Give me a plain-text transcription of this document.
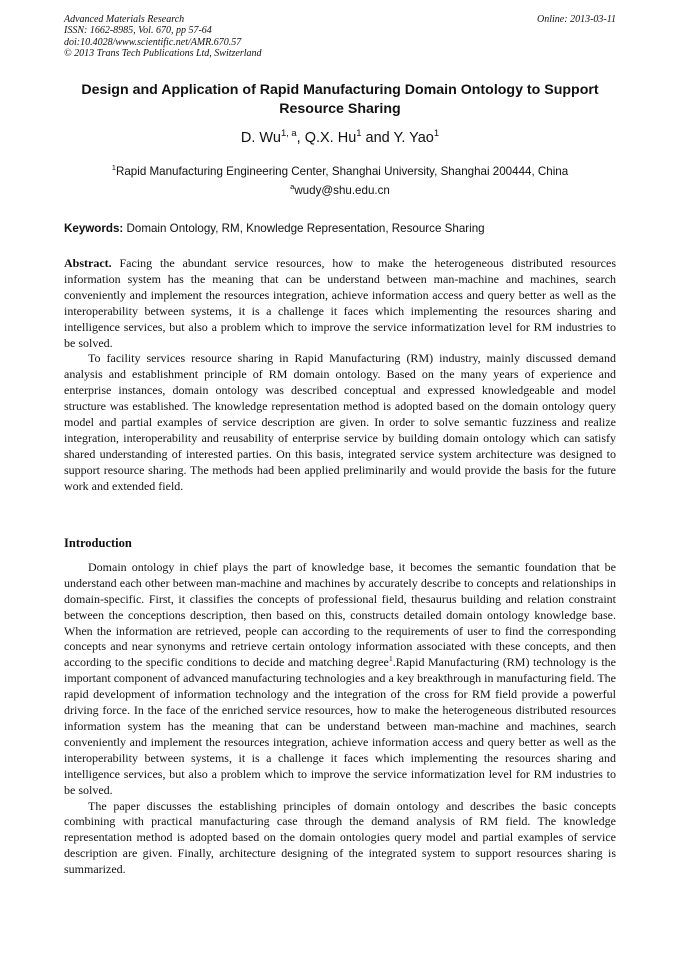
Advanced Materials Research
ISSN: 1662-8985, Vol. 670, pp 57-64
doi:10.4028/www.scientific.net/AMR.670.57
© 2013 Trans Tech Publications Ltd, Switzerland
Online: 2013-03-11
Design and Application of Rapid Manufacturing Domain Ontology to Support Resource Sharing
D. Wu$^{1, a}$, Q.X. Hu$^1$ and Y. Yao$^1$
$^1$Rapid Manufacturing Engineering Center, Shanghai University, Shanghai 200444, China
$^a$wudy@shu.edu.cn
Keywords: Domain Ontology, RM, Knowledge Representation, Resource Sharing

Abstract. Facing the abundant service resources, how to make the heterogeneous distributed resources information system has the meaning that can be understand between man-machine and machines, search conveniently and implement the resources integration, achieve information access and query better as well as the interoperability between systems, it is a challenge it faces which implementing the resources sharing and intelligence services, but also a problem which to improve the service informatization level for RM industries to be solved.

To facility services resource sharing in Rapid Manufacturing (RM) industry, mainly discussed demand analysis and establishment principle of RM domain ontology. Based on the many years of experience and enterprise instances, domain ontology was described conceptual and expressed knowledgeable and model structure was established. The knowledge representation method is adopted based on the domain ontology query model and partial examples of service description are given. In order to solve semantic fuzziness and realize integration, interoperability and reusability of enterprise service by building domain ontology which can satisfy shared understanding of interested parties. On this basis, integrated service system architecture was designed to support resource sharing. The methods had been applied preliminarily and would provide the basis for the future work and extended field.

Introduction

Domain ontology in chief plays the part of knowledge base, it becomes the semantic foundation that be understand each other between man-machine and machines by accurately describe to concepts and relationships in domain-specific. First, it classifies the concepts of professional field, thesaurus building and relation constraint between the conceptions description, then based on this, constructs detailed domain ontology knowledge base. When the information are retrieved, people can according to the requirements of user to find the corresponding concepts and near synonyms and retrieve certain ontology information associated with these concepts, and then according to the specific conditions to decide and matching degree$^1$.Rapid Manufacturing (RM) technology is the important component of advanced manufacturing technologies and a key breakthrough in manufacturing field. The rapid development of information technology and the integration of the cross for RM field provide a powerful driving force. In the face of the enriched service resources, how to make the heterogeneous distributed resources information system has the meaning that can be understand between man-machine and machines, search conveniently and implement the resources integration, achieve information access and query better as well as the interoperability between systems, it is a challenge it faces which implementing the resources sharing and intelligence services, but also a problem which to improve the service informatization level for RM industries to be solved.

The paper discusses the establishing principles of domain ontology and describes the basic concepts combining with practical manufacturing case through the demand analysis of RM field. The knowledge representation method is adopted based on the domain ontologies query model and partial examples of service description are given. Finally, architecture designing of the integrated system to support resources sharing is summarized.
